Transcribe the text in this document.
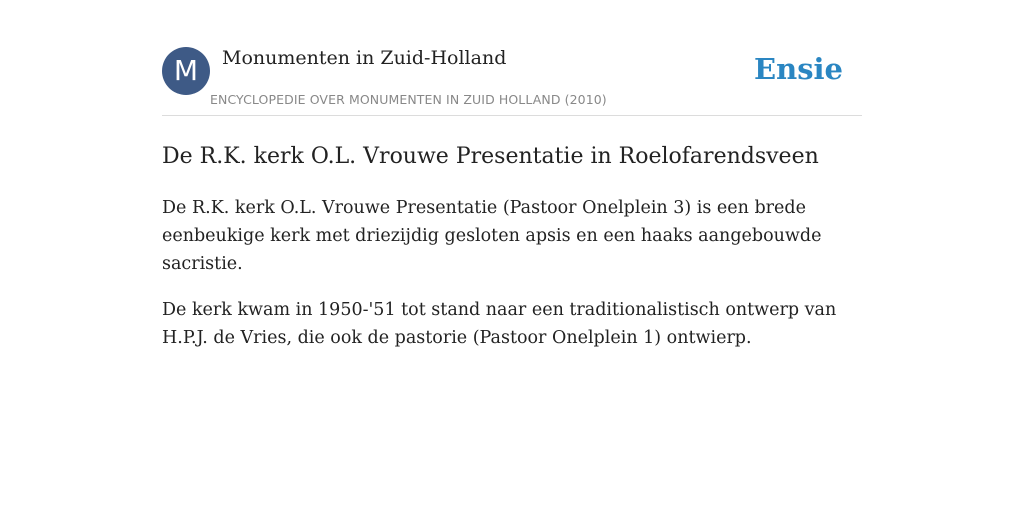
M	Monumenten in Zuid-Holland
ENCYCLOPEDIE OVER MONUMENTEN IN ZUID HOLLAND (2010)
Ensie
De R.K. kerk O.L. Vrouwe Presentatie in Roelofarendsveen

De R.K. kerk O.L. Vrouwe Presentatie (Pastoor Onelplein 3) is een brede eenbeukige kerk met driezijdig gesloten apsis en een haaks aangebouwde sacristie.

De kerk kwam in 1950-'51 tot stand naar een traditionalistisch ontwerp van H.P.J. de Vries, die ook de pastorie (Pastoor Onelplein 1) ontwierp.
